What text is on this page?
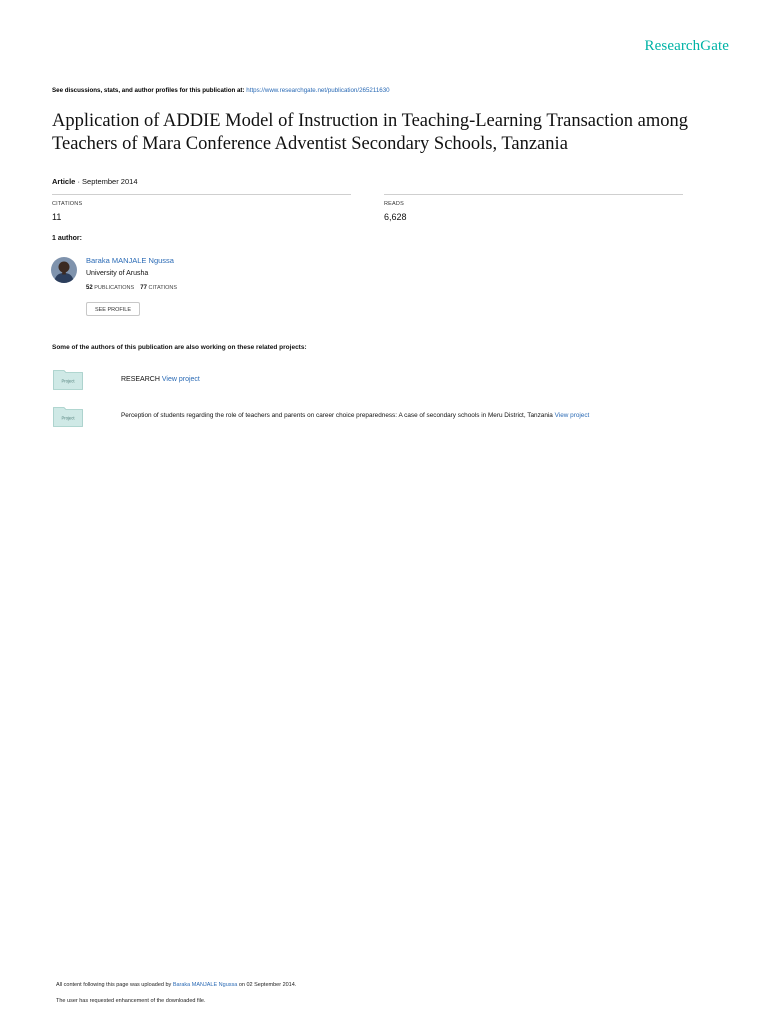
ResearchGate
See discussions, stats, and author profiles for this publication at: https://www.researchgate.net/publication/265211630
Application of ADDIE Model of Instruction in Teaching-Learning Transaction among Teachers of Mara Conference Adventist Secondary Schools, Tanzania
Article · September 2014
CITATIONS
11
READS
6,628
1 author:
Baraka MANJALE Ngussa
University of Arusha
52 PUBLICATIONS 77 CITATIONS
SEE PROFILE
Some of the authors of this publication are also working on these related projects:
Project	RESEARCH View project
Project	Perception of students regarding the role of teachers and parents on career choice preparedness: A case of secondary schools in Meru District, Tanzania View project
All content following this page was uploaded by Baraka MANJALE Ngussa on 02 September 2014.
The user has requested enhancement of the downloaded file.
